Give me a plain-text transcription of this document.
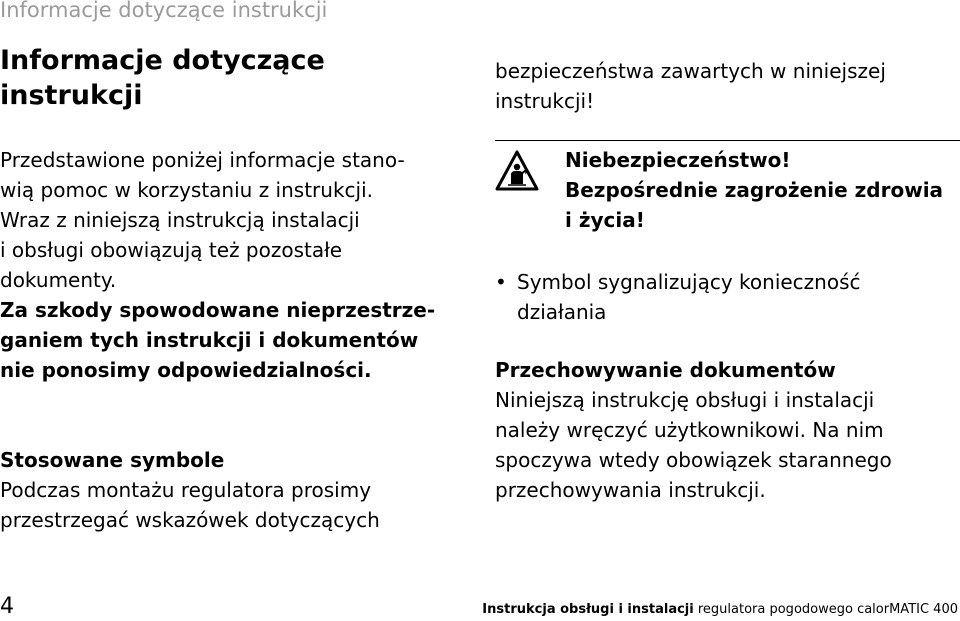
Informacje dotyczące instrukcji
Informacje dotyczące
instrukcji

Przedstawione poniżej informacje stano-
wią pomoc w korzystaniu z instrukcji.
Wraz z niniejszą instrukcją instalacji
i obsługi obowiązują też pozostałe
dokumenty.
Za szkody spowodowane nieprzestrze-
ganiem tych instrukcji i dokumentów
nie ponosimy odpowiedzialności.

Stosowane symbole
Podczas montażu regulatora prosimy
przestrzegać wskazówek dotyczących

bezpieczeństwa zawartych w niniejszej
instrukcji!

Niebezpieczeństwo!
Bezpośrednie zagrożenie zdrowia
i życia!

• Symbol sygnalizujący konieczność
działania

Przechowywanie dokumentów
Niniejszą instrukcję obsługi i instalacji
należy wręczyć użytkownikowi. Na nim
spoczywa wtedy obowiązek starannego
przechowywania instrukcji.

4	Instrukcja obsługi i instalacji regulatora pogodowego calorMATIC 400
